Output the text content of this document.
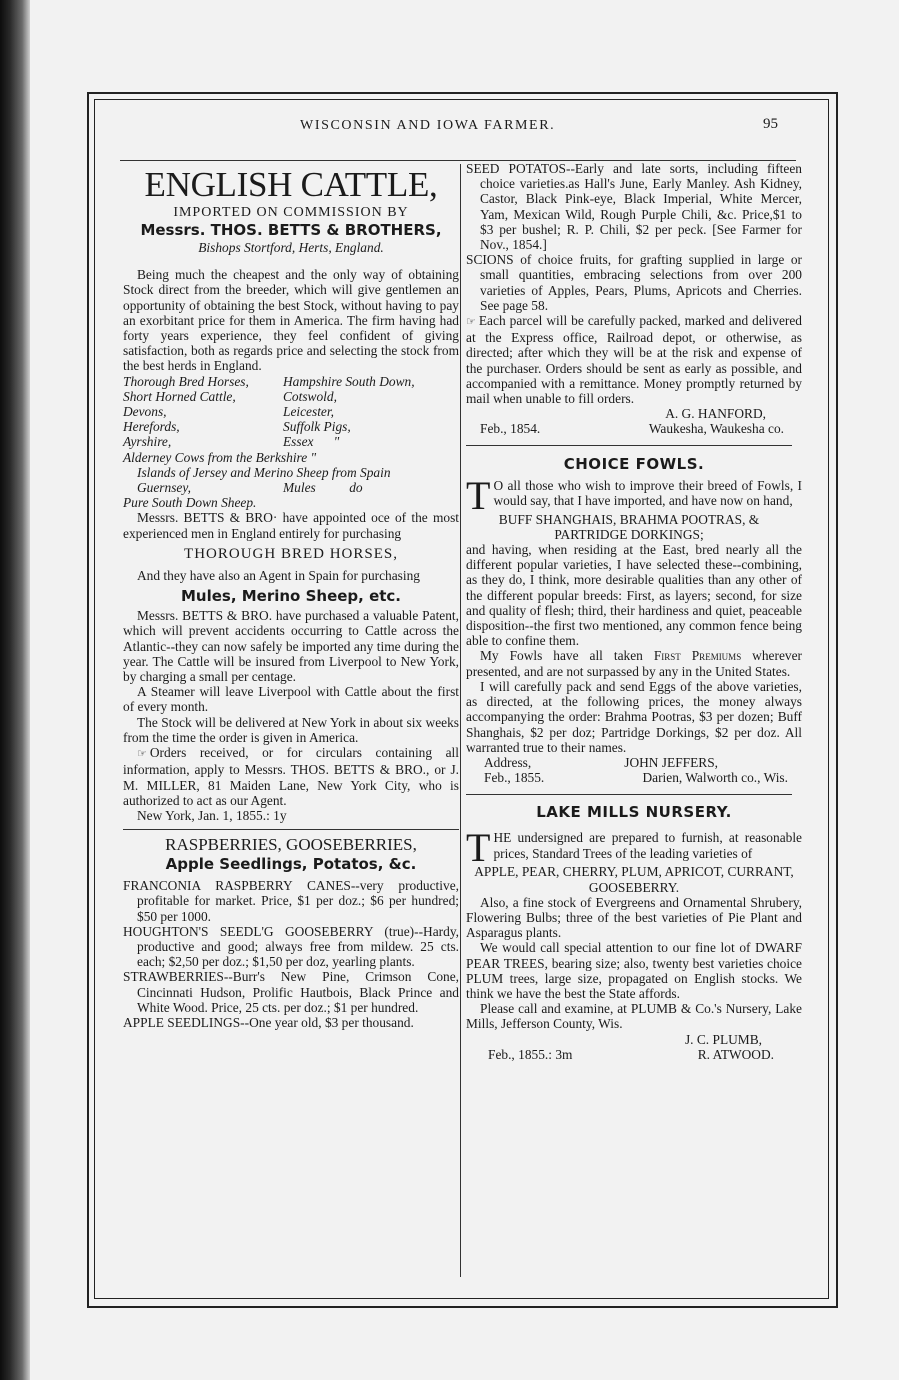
WISCONSIN AND IOWA FARMER.	95
ENGLISH CATTLE,
IMPORTED ON COMMISSION BY
Messrs. THOS. BETTS & BROTHERS,
Bishops Stortford, Herts, England.

Being much the cheapest and the only way of obtaining Stock direct from the breeder, which will give gentlemen an opportunity of obtaining the best Stock, without having to pay an exorbitant price for them in America. The firm having had forty years experience, they feel confident of giving satisfaction, both as regards price and selecting the stock from the best herds in England.

Thorough Bred Horses,	Hampshire South Down,
Short Horned Cattle,	Cotswold,
Devons,	Leicester,
Herefords,	Suffolk Pigs,
Ayrshire,	Essex      "
Alderney Cows from the Berkshire "
Islands of Jersey and Merino Sheep from Spain
Guernsey,	Mules          do
Pure South Down Sheep.

Messrs. BETTS & BRO· have appointed oce of the most experienced men in England entirely for purchasing

THOROUGH BRED HORSES,

And they have also an Agent in Spain for purchasing

Mules, Merino Sheep, etc.

Messrs. BETTS & BRO. have purchased a valuable Patent, which will prevent accidents occurring to Cattle across the Atlantic--they can now safely be imported any time during the year. The Cattle will be insured from Liverpool to New York, by charging a small per centage.

A Steamer will leave Liverpool with Cattle about the first of every month.

The Stock will be delivered at New York in about six weeks from the time the order is given in America.

☞ Orders received, or for circulars containing all information, apply to Messrs. THOS. BETTS & BRO., or J. M. MILLER, 81 Maiden Lane, New York City, who is authorized to act as our Agent.

New York, Jan. 1, 1855.: 1y
RASPBERRIES, GOOSEBERRIES,
Apple Seedlings, Potatos, &c.

FRANCONIA RASPBERRY CANES--very productive, profitable for market. Price, $1 per doz.; $6 per hundred; $50 per 1000.

HOUGHTON'S SEEDL'G GOOSEBERRY (true)--Hardy, productive and good; always free from mildew. 25 cts. each; $2,50 per doz.; $1,50 per doz, yearling plants.

STRAWBERRIES--Burr's New Pine, Crimson Cone, Cincinnati Hudson, Prolific Hautbois, Black Prince and White Wood. Price, 25 cts. per doz.; $1 per hundred.

APPLE SEEDLINGS--One year old, $3 per thousand.

SEED POTATOS--Early and late sorts, including fifteen choice varieties.as Hall's June, Early Manley. Ash Kidney, Castor, Black Pink-eye, Black Imperial, White Mercer, Yam, Mexican Wild, Rough Purple Chili, &c. Price,$1 to $3 per bushel; R. P. Chili, $2 per peck. [See Farmer for Nov., 1854.]

SCIONS of choice fruits, for grafting supplied in large or small quantities, embracing selections from over 200 varieties of Apples, Pears, Plums, Apricots and Cherries. See page 58.

☞ Each parcel will be carefully packed, marked and delivered at the Express office, Railroad depot, or otherwise, as directed; after which they will be at the risk and expense of the purchaser. Orders should be sent as early as possible, and accompanied with a remittance. Money promptly returned by mail when unable to fill orders.

A. G. HANFORD,
Feb., 1854.	Waukesha, Waukesha co.
CHOICE FOWLS.

T O all those who wish to improve their breed of Fowls, I would say, that I have imported, and have now on hand,

BUFF SHANGHAIS, BRAHMA POOTRAS, & PARTRIDGE DORKINGS;

and having, when residing at the East, bred nearly all the different popular varieties, I have selected these--combining, as they do, I think, more desirable qualities than any other of the different popular breeds: First, as layers; second, for size and quality of flesh; third, their hardiness and quiet, peaceable disposition--the first two mentioned, any common fence being able to confine them.

My Fowls have all taken First Premiums wherever presented, and are not surpassed by any in the United States.

I will carefully pack and send Eggs of the above varieties, as directed, at the following prices, the money always accompanying the order: Brahma Pootras, $3 per dozen; Buff Shanghais, $2 per doz; Partridge Dorkings, $2 per doz. All warranted true to their names.

Address,	JOHN JEFFERS,
Feb., 1855.	Darien, Walworth co., Wis.
LAKE MILLS NURSERY.

THE undersigned are prepared to furnish, at reasonable prices, Standard Trees of the leading varieties of

APPLE, PEAR, CHERRY, PLUM, APRICOT, CURRANT, GOOSEBERRY.

Also, a fine stock of Evergreens and Ornamental Shrubery, Flowering Bulbs; three of the best varieties of Pie Plant and Asparagus plants.

We would call special attention to our fine lot of DWARF PEAR TREES, bearing size; also, twenty best varieties choice PLUM trees, large size, propagated on English stocks. We think we have the best the State affords.

Please call and examine, at PLUMB & Co.'s Nursery, Lake Mills, Jefferson County, Wis.

J. C. PLUMB,
Feb., 1855.: 3m	R. ATWOOD.
